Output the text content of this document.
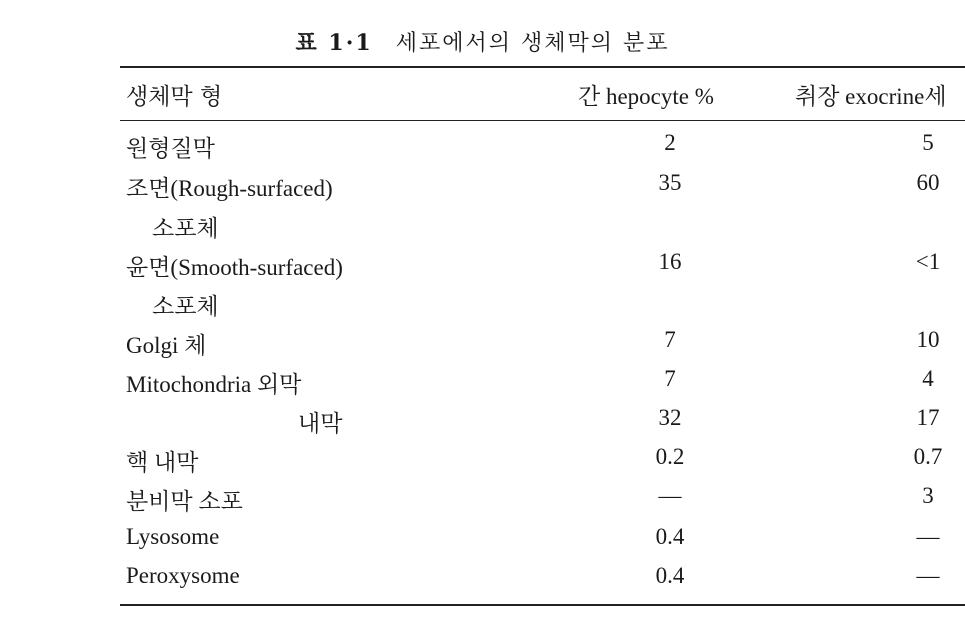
표 1·1 세포에서의 생체막의 분포
생체막 형	간 hepocyte %	취장 exocrine세
원형질막	2	5
조면(Rough-surfaced)	35	60
소포체
윤면(Smooth-surfaced)	16	<1
소포체
Golgi 체	7	10
Mitochondria 외막	7	4
내막	32	17
핵 내막	0.2	0.7
분비막 소포	—	3
Lysosome	0.4	—
Peroxysome	0.4	—
